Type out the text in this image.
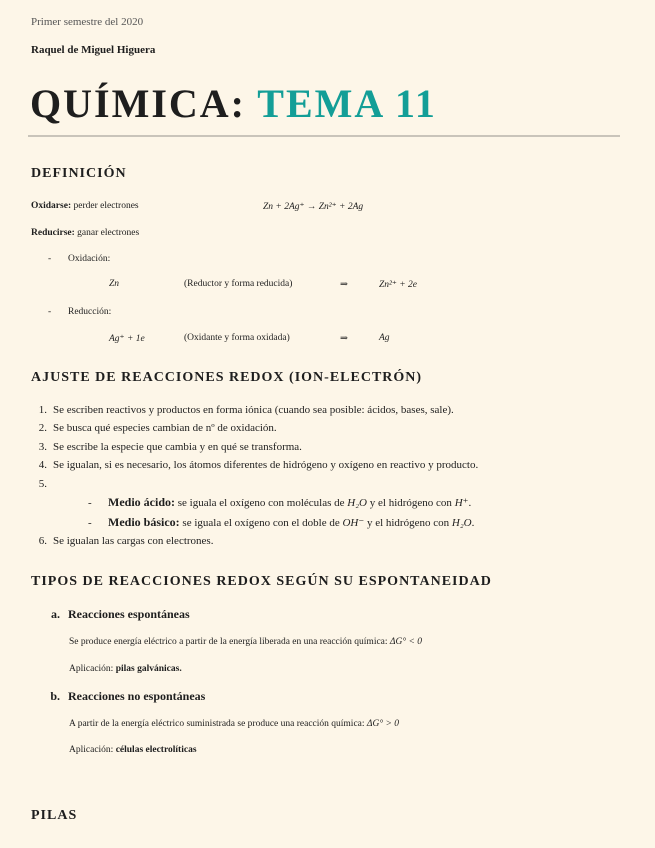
Primer semestre del 2020
Raquel de Miguel Higuera
QUÍMICA: TEMA 11
DEFINICIÓN
Oxidarse: perder electrones	Zn + 2Ag⁺ → Zn²⁺ + 2Ag
Reducirse: ganar electrones
- Oxidación:
Zn	(Reductor y forma reducida)	⇒	Zn²⁺ + 2e
- Reducción:
Ag⁺ + 1e	(Oxidante y forma oxidada)	⇒	Ag
AJUSTE DE REACCIONES REDOX (ION-ELECTRÓN)
1. Se escriben reactivos y productos en forma iónica (cuando sea posible: ácidos, bases, sale).
2. Se busca qué especies cambian de nº de oxidación.
3. Se escribe la especie que cambia y en qué se transforma.
4. Se igualan, si es necesario, los átomos diferentes de hidrógeno y oxígeno en reactivo y producto.
5.
- Medio ácido: se iguala el oxígeno con moléculas de H₂O y el hidrógeno con H⁺.
- Medio básico: se iguala el oxígeno con el doble de OH⁻ y el hidrógeno con H₂O.
6. Se igualan las cargas con electrones.
TIPOS DE REACCIONES REDOX SEGÚN SU ESPONTANEIDAD
a. Reacciones espontáneas
Se produce energía eléctrico a partir de la energía liberada en una reacción química: ΔG° < 0
Aplicación: pilas galvánicas.
b. Reacciones no espontáneas
A partir de la energía eléctrico suministrada se produce una reacción química: ΔG° > 0
Aplicación: células electrolíticas
PILAS
